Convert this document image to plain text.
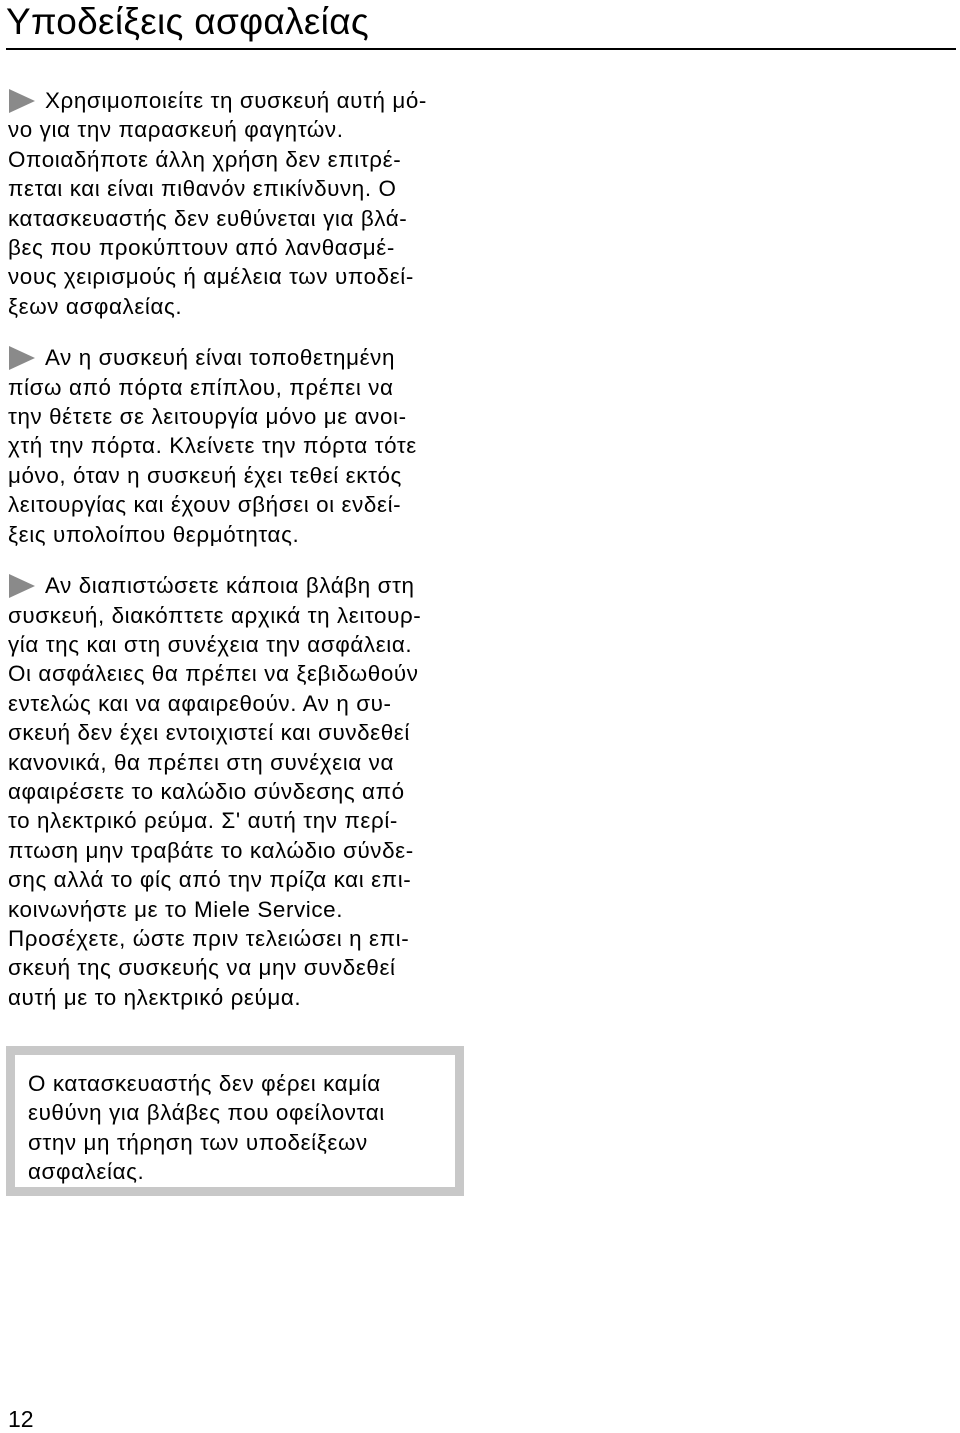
Υποδείξεις ασφαλείας

Χρησιμοποιείτε τη συσκευή αυτή μό-
νο για την παρασκευή φαγητών.
Οποιαδήποτε άλλη χρήση δεν επιτρέ-
πεται και είναι πιθανόν επικίνδυνη. Ο
κατασκευαστής δεν ευθύνεται για βλά-
βες που προκύπτουν από λανθασμέ-
νους χειρισμούς ή αμέλεια των υποδεί-
ξεων ασφαλείας.

Αν η συσκευή είναι τοποθετημένη
πίσω από πόρτα επίπλου, πρέπει να
την θέτετε σε λειτουργία μόνο με ανοι-
χτή την πόρτα. Κλείνετε την πόρτα τότε
μόνο, όταν η συσκευή έχει τεθεί εκτός
λειτουργίας και έχουν σβήσει οι ενδεί-
ξεις υπολοίπου θερμότητας.

Αν διαπιστώσετε κάποια βλάβη στη
συσκευή, διακόπτετε αρχικά τη λειτουρ-
γία της και στη συνέχεια την ασφάλεια.
Οι ασφάλειες θα πρέπει να ξεβιδωθούν
εντελώς και να αφαιρεθούν. Αν η συ-
σκευή δεν έχει εντοιχιστεί και συνδεθεί
κανονικά, θα πρέπει στη συνέχεια να
αφαιρέσετε το καλώδιο σύνδεσης από
το ηλεκτρικό ρεύμα. Σ' αυτή την περί-
πτωση μην τραβάτε το καλώδιο σύνδε-
σης αλλά το φίς από την πρίζα και επι-
κοινωνήστε με το Miele Service.
Προσέχετε, ώστε πριν τελειώσει η επι-
σκευή της συσκευής να μην συνδεθεί
αυτή με το ηλεκτρικό ρεύμα.

Ο κατασκευαστής δεν φέρει καμία
ευθύνη για βλάβες που οφείλονται
στην μη τήρηση των υποδείξεων
ασφαλείας.

12
